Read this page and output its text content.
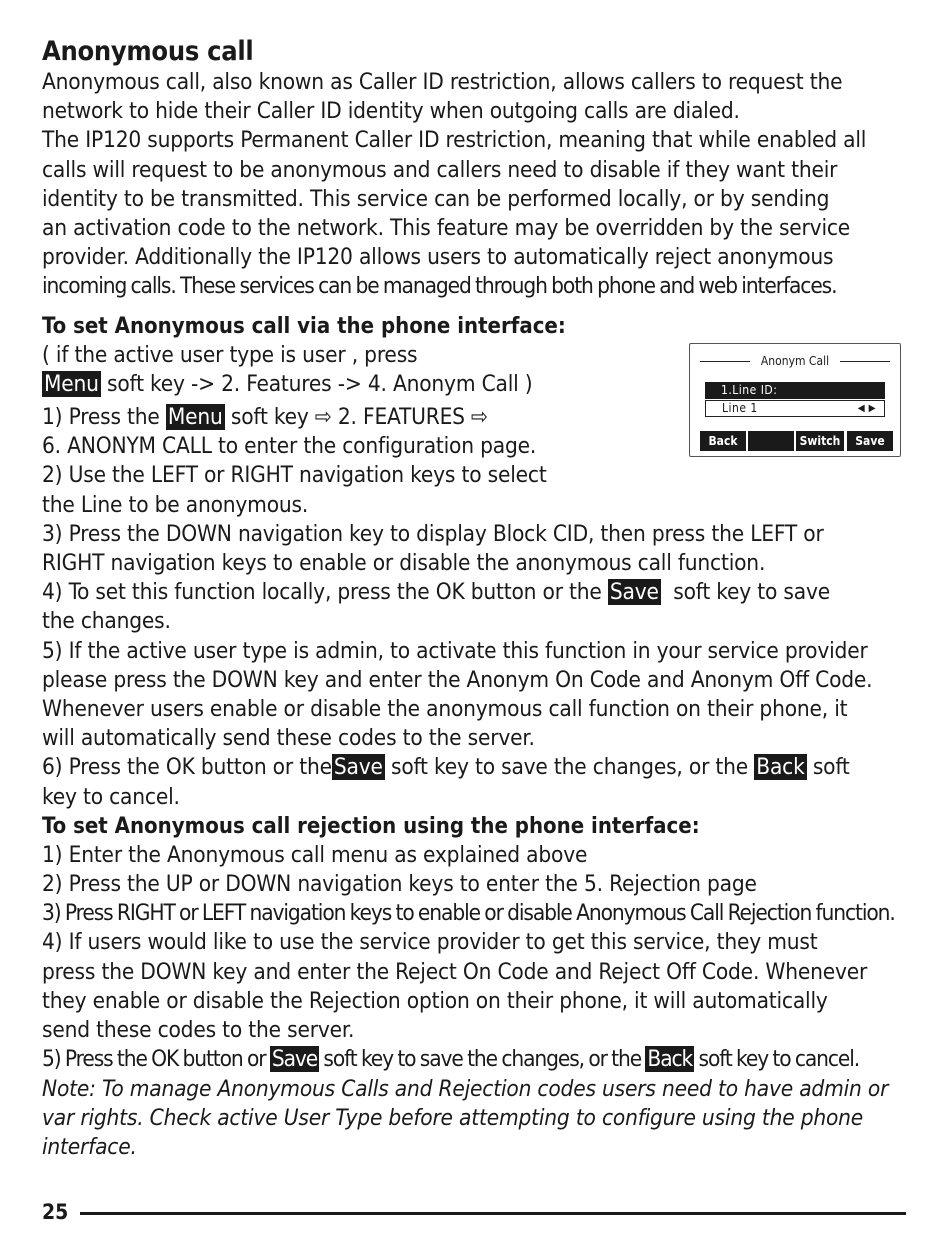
Anonymous call

Anonymous call, also known as Caller ID restriction, allows callers to request the

network to hide their Caller ID identity when outgoing calls are dialed.

The IP120 supports Permanent Caller ID restriction, meaning that while enabled all

calls will request to be anonymous and callers need to disable if they want their

identity to be transmitted. This service can be performed locally, or by sending

an activation code to the network. This feature may be overridden by the service

provider. Additionally the IP120 allows users to automatically reject anonymous

incoming calls. These services can be managed through both phone and web interfaces.

To set Anonymous call via the phone interface:

( if the active user type is user , press

Menu soft key -> 2. Features -> 4. Anonym Call )

1) Press the Menu soft key ⇨ 2. FEATURES ⇨

6. ANONYM CALL to enter the configuration page.

2) Use the LEFT or RIGHT navigation keys to select

the Line to be anonymous.

3) Press the DOWN navigation key to display Block CID, then press the LEFT or

RIGHT navigation keys to enable or disable the anonymous call function.

4) To set this function locally, press the OK button or the Save  soft key to save

the changes.

5) If the active user type is admin, to activate this function in your service provider

please press the DOWN key and enter the Anonym On Code and Anonym Off Code.

Whenever users enable or disable the anonymous call function on their phone, it

will automatically send these codes to the server.

6) Press the OK button or theSave soft key to save the changes, or the Back soft

key to cancel.

To set Anonymous call rejection using the phone interface:

1) Enter the Anonymous call menu as explained above

2) Press the UP or DOWN navigation keys to enter the 5. Rejection page

3) Press RIGHT or LEFT navigation keys to enable or disable Anonymous Call Rejection function.

4) If users would like to use the service provider to get this service, they must

press the DOWN key and enter the Reject On Code and Reject Off Code. Whenever

they enable or disable the Rejection option on their phone, it will automatically

send these codes to the server.

5) Press the OK button or Save soft key to save the changes, or the Back soft key to cancel.

Note: To manage Anonymous Calls and Rejection codes users need to have admin or

var rights. Check active User Type before attempting to configure using the phone

interface.

Anonym Call
1.Line ID:
Line 1	◀ ▶
Back	Switch	Save
25
